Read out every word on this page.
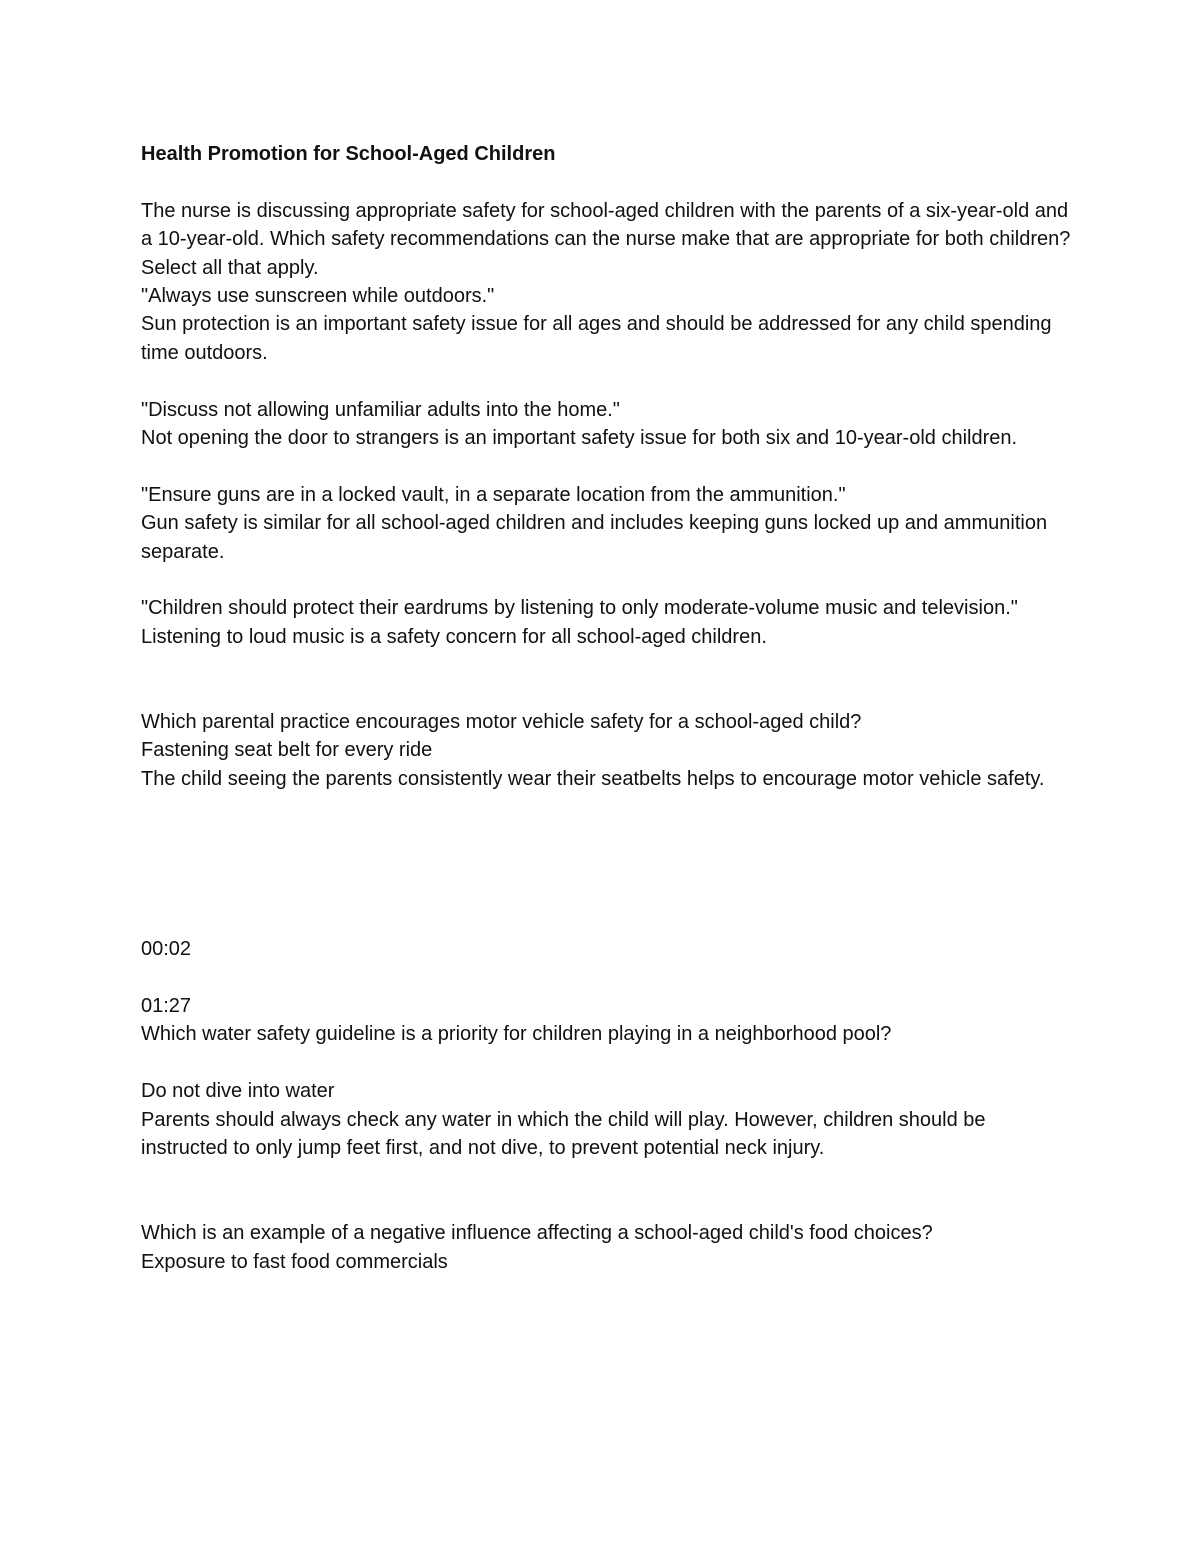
Health Promotion for School-Aged Children

The nurse is discussing appropriate safety for school-aged children with the parents of a six-year-old and a 10-year-old. Which safety recommendations can the nurse make that are appropriate for both children?

Select all that apply.

"Always use sunscreen while outdoors."

Sun protection is an important safety issue for all ages and should be addressed for any child spending time outdoors.

"Discuss not allowing unfamiliar adults into the home."

Not opening the door to strangers is an important safety issue for both six and 10-year-old children.

"Ensure guns are in a locked vault, in a separate location from the ammunition."

Gun safety is similar for all school-aged children and includes keeping guns locked up and ammunition separate.

"Children should protect their eardrums by listening to only moderate-volume music and television."

Listening to loud music is a safety concern for all school-aged children.

Which parental practice encourages motor vehicle safety for a school-aged child?

Fastening seat belt for every ride

The child seeing the parents consistently wear their seatbelts helps to encourage motor vehicle safety.

00:02

01:27

Which water safety guideline is a priority for children playing in a neighborhood pool?

Do not dive into water

Parents should always check any water in which the child will play. However, children should be instructed to only jump feet first, and not dive, to prevent potential neck injury.

Which is an example of a negative influence affecting a school-aged child's food choices?

Exposure to fast food commercials
